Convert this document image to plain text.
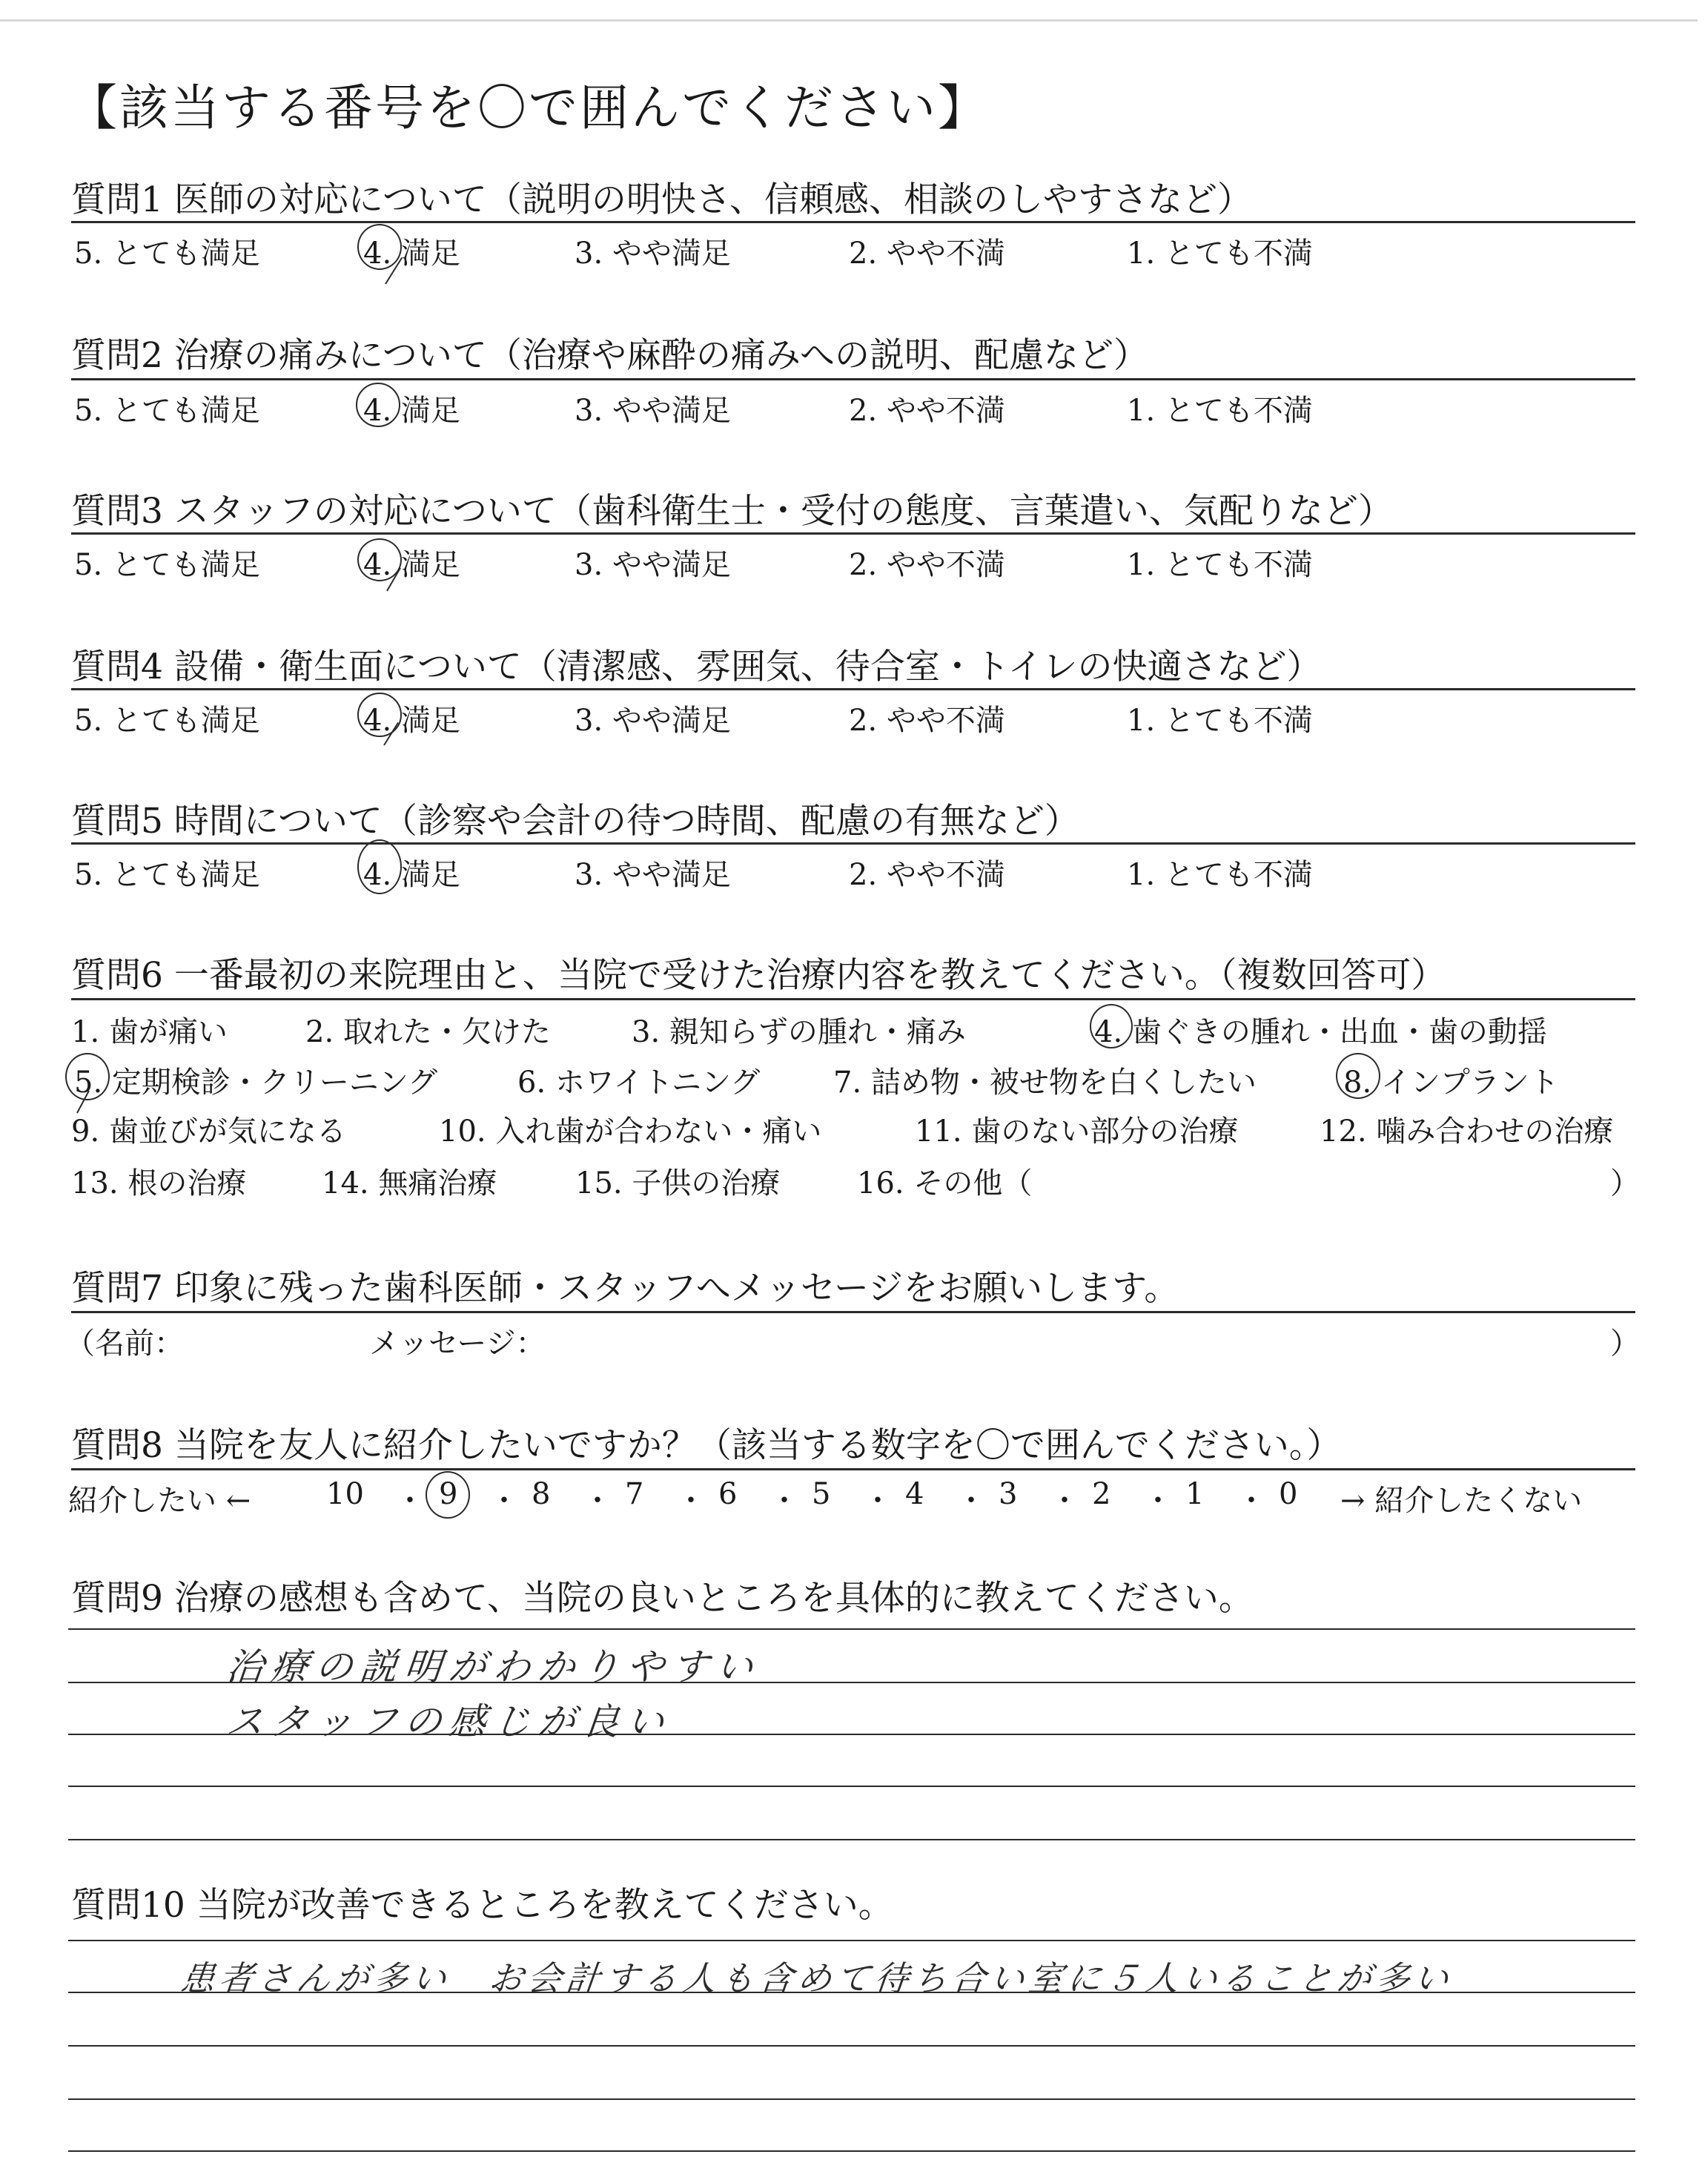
【該当する番号を〇で囲んでください】
質問1 医師の対応について（説明の明快さ、信頼感、相談のしやすさなど）
5. とても満足	4. 満足	3. やや満足	2. やや不満	1. とても不満
質問2 治療の痛みについて（治療や麻酔の痛みへの説明、配慮など）
5. とても満足	4. 満足	3. やや満足	2. やや不満	1. とても不満
質問3 スタッフの対応について（歯科衛生士・受付の態度、言葉遣い、気配りなど）
5. とても満足	4. 満足	3. やや満足	2. やや不満	1. とても不満
質問4 設備・衛生面について（清潔感、雰囲気、待合室・トイレの快適さなど）
5. とても満足	4. 満足	3. やや満足	2. やや不満	1. とても不満
質問5 時間について（診察や会計の待つ時間、配慮の有無など）
5. とても満足	4. 満足	3. やや満足	2. やや不満	1. とても不満
質問6 一番最初の来院理由と、当院で受けた治療内容を教えてください。（複数回答可）
1. 歯が痛い	2. 取れた・欠けた	3. 親知らずの腫れ・痛み	4. 歯ぐきの腫れ・出血・歯の動揺
5. 定期検診・クリーニング	6. ホワイトニング 7. 詰め物・被せ物を白くしたい	8. インプラント
9. 歯並びが気になる	10. 入れ歯が合わない・痛い	11. 歯のない部分の治療	12. 噛み合わせの治療
13. 根の治療	14. 無痛治療	15. 子供の治療	16. その他（	）
質問7 印象に残った歯科医師・スタッフへメッセージをお願いします。
（名前：	メッセージ：	）
質問8 当院を友人に紹介したいですか？（該当する数字を〇で囲んでください。）
紹介したい ←	10 ・ 9 ・ 8 ・ 7 ・ 6 ・ 5 ・ 4 ・ 3 ・ 2 ・ 1 ・ 0 → 紹介したくない
質問9 治療の感想も含めて、当院の良いところを具体的に教えてください。
治療の説明がわかりやすい
スタッフの感じが良い
質問10 当院が改善できるところを教えてください。
患者さんが多い　お会計する人も含めて待ち合い室に５人いることが多い
